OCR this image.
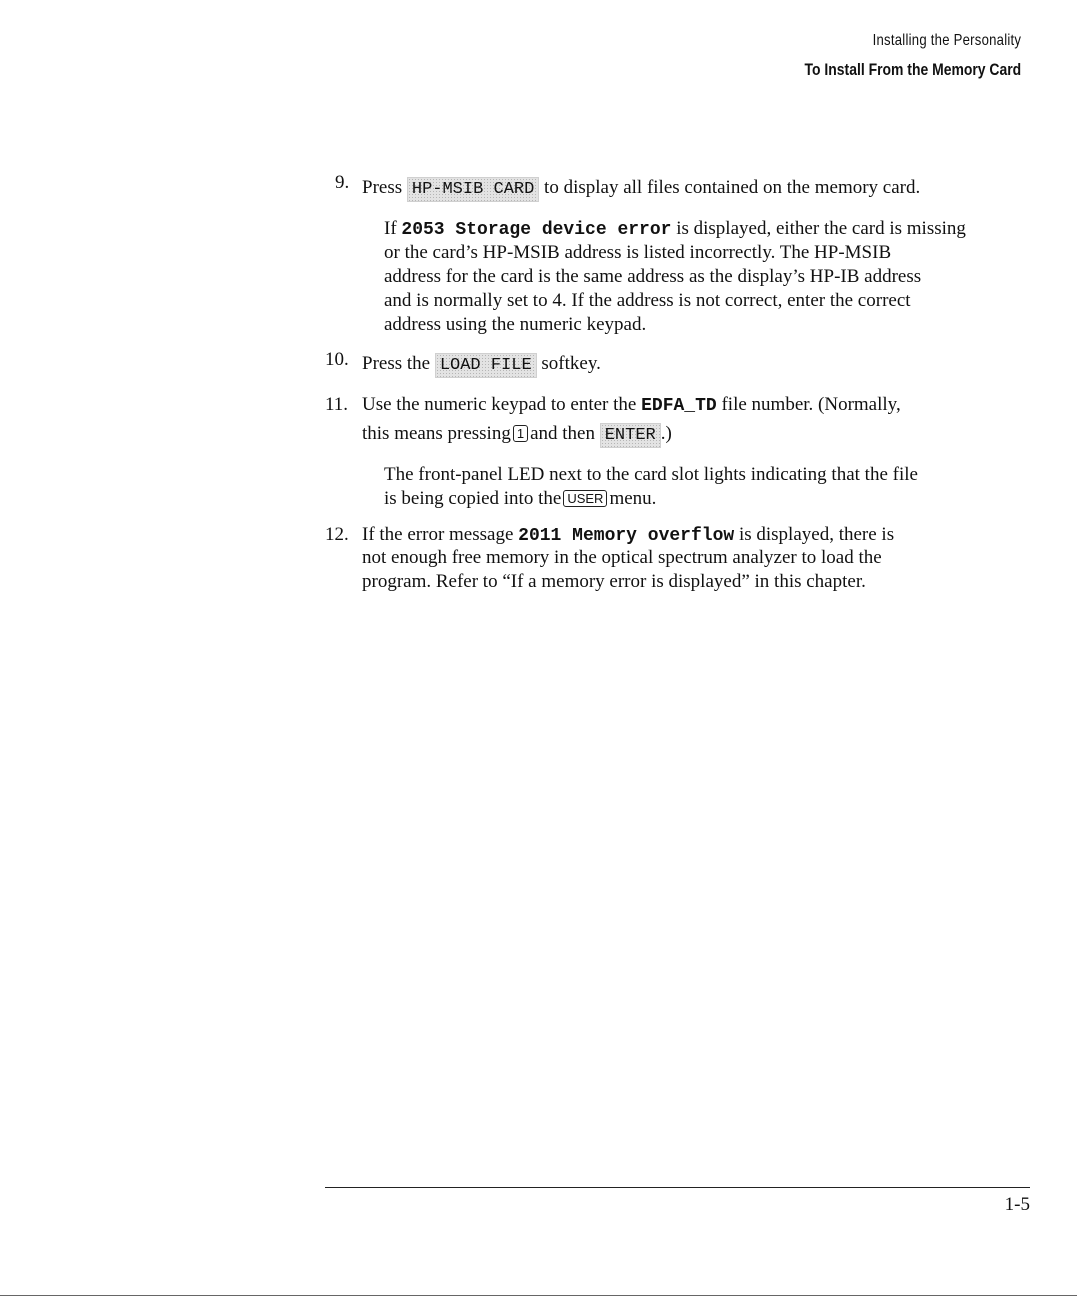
Installing the Personality
To Install From the Memory Card
9. Press HP-MSIB CARD to display all files contained on the memory card.
If 2053 Storage device error is displayed, either the card is missing
or the card’s HP-MSIB address is listed incorrectly. The HP-MSIB
address for the card is the same address as the display’s HP-IB address
and is normally set to 4. If the address is not correct, enter the correct
address using the numeric keypad.
10. Press the LOAD FILE softkey.
11. Use the numeric keypad to enter the EDFA_TD file number. (Normally,
this means pressing 1 and then ENTER .)
The front-panel LED next to the card slot lights indicating that the file
is being copied into the USER menu.
12. If the error message 2011 Memory overflow is displayed, there is
not enough free memory in the optical spectrum analyzer to load the
program. Refer to “If a memory error is displayed” in this chapter.
1-5
